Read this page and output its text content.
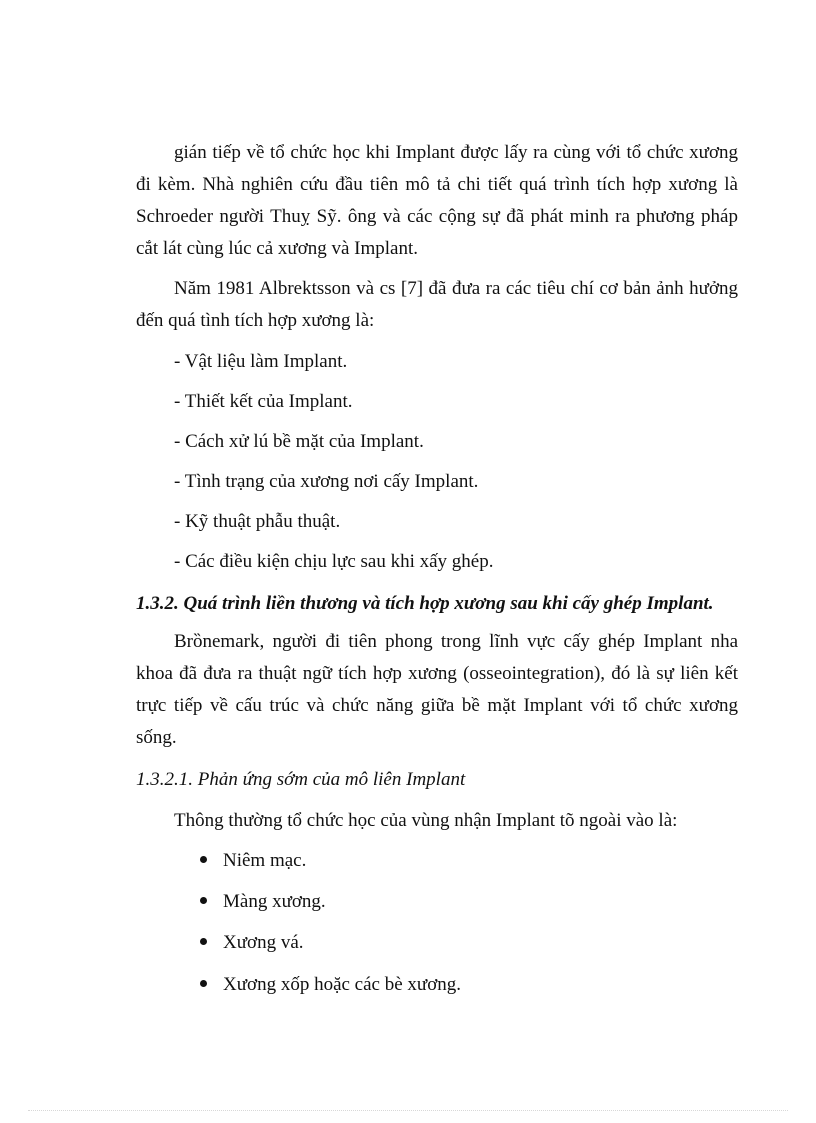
gián tiếp về tổ chức học khi Implant được lấy ra cùng với tổ chức xương
đi kèm. Nhà nghiên cứu đầu tiên mô tả chi tiết quá trình tích hợp xương là
Schroeder người Thuỵ Sỹ. ông và các cộng sự đã phát minh ra phương pháp
cắt lát cùng lúc cả xương và Implant.
Năm 1981 Albrektsson và cs [7] đã đưa ra các tiêu chí cơ bản ảnh hưởng
đến quá tình tích hợp xương là:
- Vật liệu làm Implant.
- Thiết kết của Implant.
- Cách xử lú bề mặt của Implant.
- Tình trạng của xương nơi cấy Implant.
- Kỹ thuật phẫu thuật.
- Các điều kiện chịu lực sau khi xấy ghép.
1.3.2. Quá trình liền thương và tích hợp xương sau khi cấy ghép Implant.
Brȍnemark, người đi tiên phong trong lĩnh vực cấy ghép Implant nha
khoa đã đưa ra thuật ngữ tích hợp xương (osseointegration), đó là sự liên kết
trực tiếp về cấu trúc và chức năng giữa bề mặt Implant với tổ chức xương
sống.
1.3.2.1. Phản ứng sớm của mô liên Implant
Thông thường tổ chức học của vùng nhận Implant tõ ngoài vào là:
Niêm mạc.
Màng xương.
Xương vá.
Xương xốp hoặc các bè xương.
